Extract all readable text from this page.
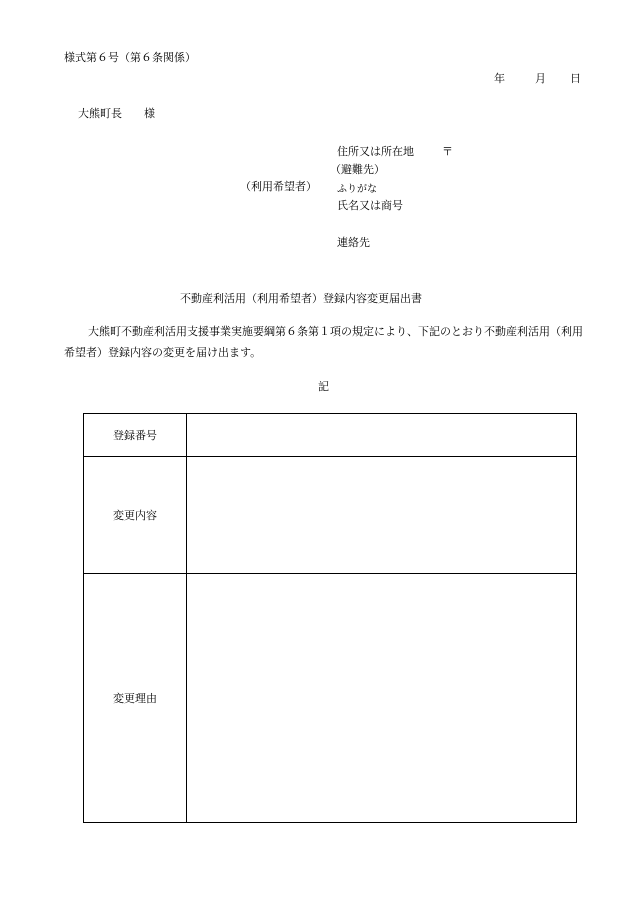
様式第６号（第６条関係）
年	月 日
大熊町長　　様
住所又は所在地	〒
（避難先）
（利用希望者） ふりがな
氏名又は商号
連絡先
不動産利活用（利用希望者）登録内容変更届出書
大熊町不動産利活用支援事業実施要綱第６条第１項の規定により、下記のとおり不動産利活用（利用希望者）登録内容の変更を届け出ます。
記
登録番号	
変更内容	
変更理由	
